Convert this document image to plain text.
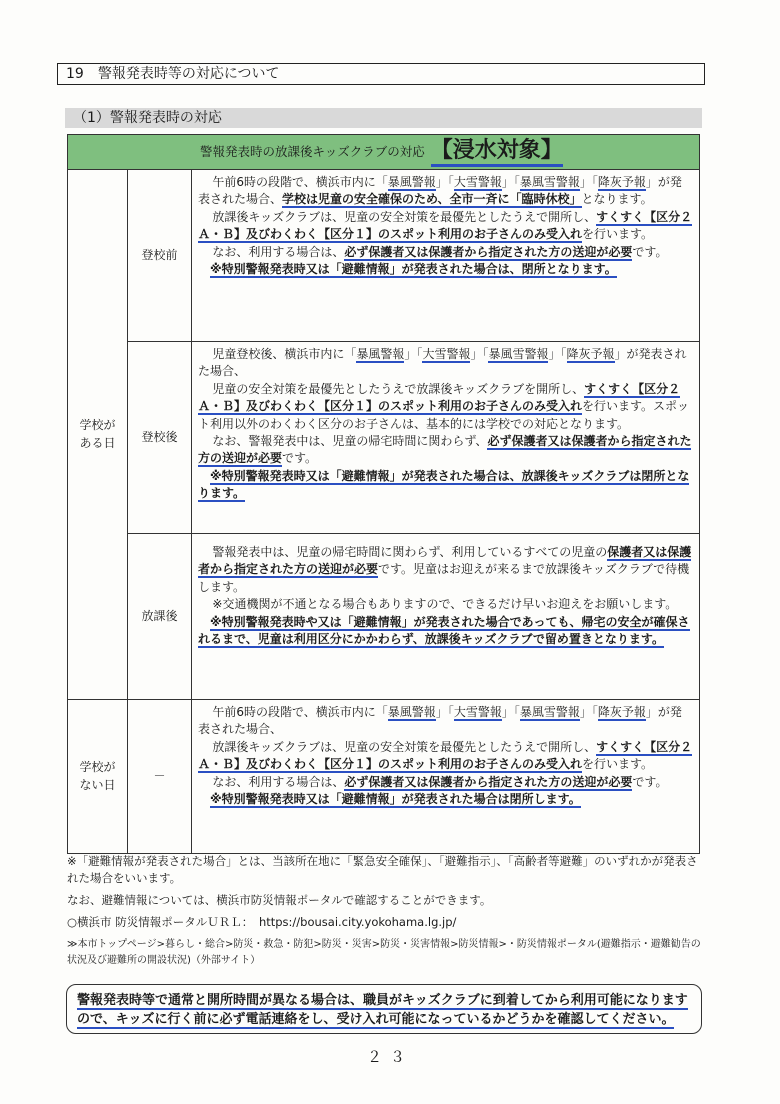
19　警報発表時等の対応について
（1）警報発表時の対応
警報発表時の放課後キッズクラブの対応 【浸水対象】		
学校がある日	登校前	午前6時の段階で、横浜市内に「暴風警報」「大雪警報」「暴風雪警報」「降灰予報」が発表された場合、学校は児童の安全確保のため、全市一斉に「臨時休校」となります。

放課後キッズクラブは、児童の安全対策を最優先としたうえで開所し、すくすく【区分２Ａ・Ｂ】及びわくわく【区分１】のスポット利用のお子さんのみ受入れを行います。

なお、利用する場合は、必ず保護者又は保護者から指定された方の送迎が必要です。

※特別警報発表時又は「避難情報」が発表された場合は、閉所となります。

	登校後	児童登校後、横浜市内に「暴風警報」「大雪警報」「暴風雪警報」「降灰予報」が発表された場合、

児童の安全対策を最優先としたうえで放課後キッズクラブを開所し、すくすく【区分２Ａ・Ｂ】及びわくわく【区分１】のスポット利用のお子さんのみ受入れを行います。スポット利用以外のわくわく区分のお子さんは、基本的には学校での対応となります。

なお、警報発表中は、児童の帰宅時間に関わらず、必ず保護者又は保護者から指定された方の送迎が必要です。

※特別警報発表時又は「避難情報」が発表された場合は、放課後キッズクラブは閉所となります。

	放課後	警報発表中は、児童の帰宅時間に関わらず、利用しているすべての児童の保護者又は保護者から指定された方の送迎が必要です。児童はお迎えが来るまで放課後キッズクラブで待機します。

※交通機関が不通となる場合もありますので、できるだけ早いお迎えをお願いします。

※特別警報発表時や又は「避難情報」が発表された場合であっても、帰宅の安全が確保されるまで、児童は利用区分にかかわらず、放課後キッズクラブで留め置きとなります。

学校がない日	－	午前6時の段階で、横浜市内に「暴風警報」「大雪警報」「暴風雪警報」「降灰予報」が発表された場合、

放課後キッズクラブは、児童の安全対策を最優先としたうえで開所し、すくすく【区分２Ａ・Ｂ】及びわくわく【区分１】のスポット利用のお子さんのみ受入れを行います。

なお、利用する場合は、必ず保護者又は保護者から指定された方の送迎が必要です。

※特別警報発表時又は「避難情報」が発表された場合は閉所します。

※「避難情報が発表された場合」とは、当該所在地に「緊急安全確保」、「避難指示」、「高齢者等避難」のいずれかが発表された場合をいいます。
なお、避難情報については、横浜市防災情報ポータルで確認することができます。
○横浜市 防災情報ポータルＵＲＬ：　https://bousai.city.yokohama.lg.jp/
≫本市トップページ>暮らし・総合>防災・救急・防犯>防災・災害>防災・災害情報>防災情報>・防災情報ポータル(避難指示・避難勧告の状況及び避難所の開設状況)（外部サイト）
警報発表時等で通常と開所時間が異なる場合は、職員がキッズクラブに到着してから利用可能になりますので、キッズに行く前に必ず電話連絡をし、受け入れ可能になっているかどうかを確認してください。
２３
